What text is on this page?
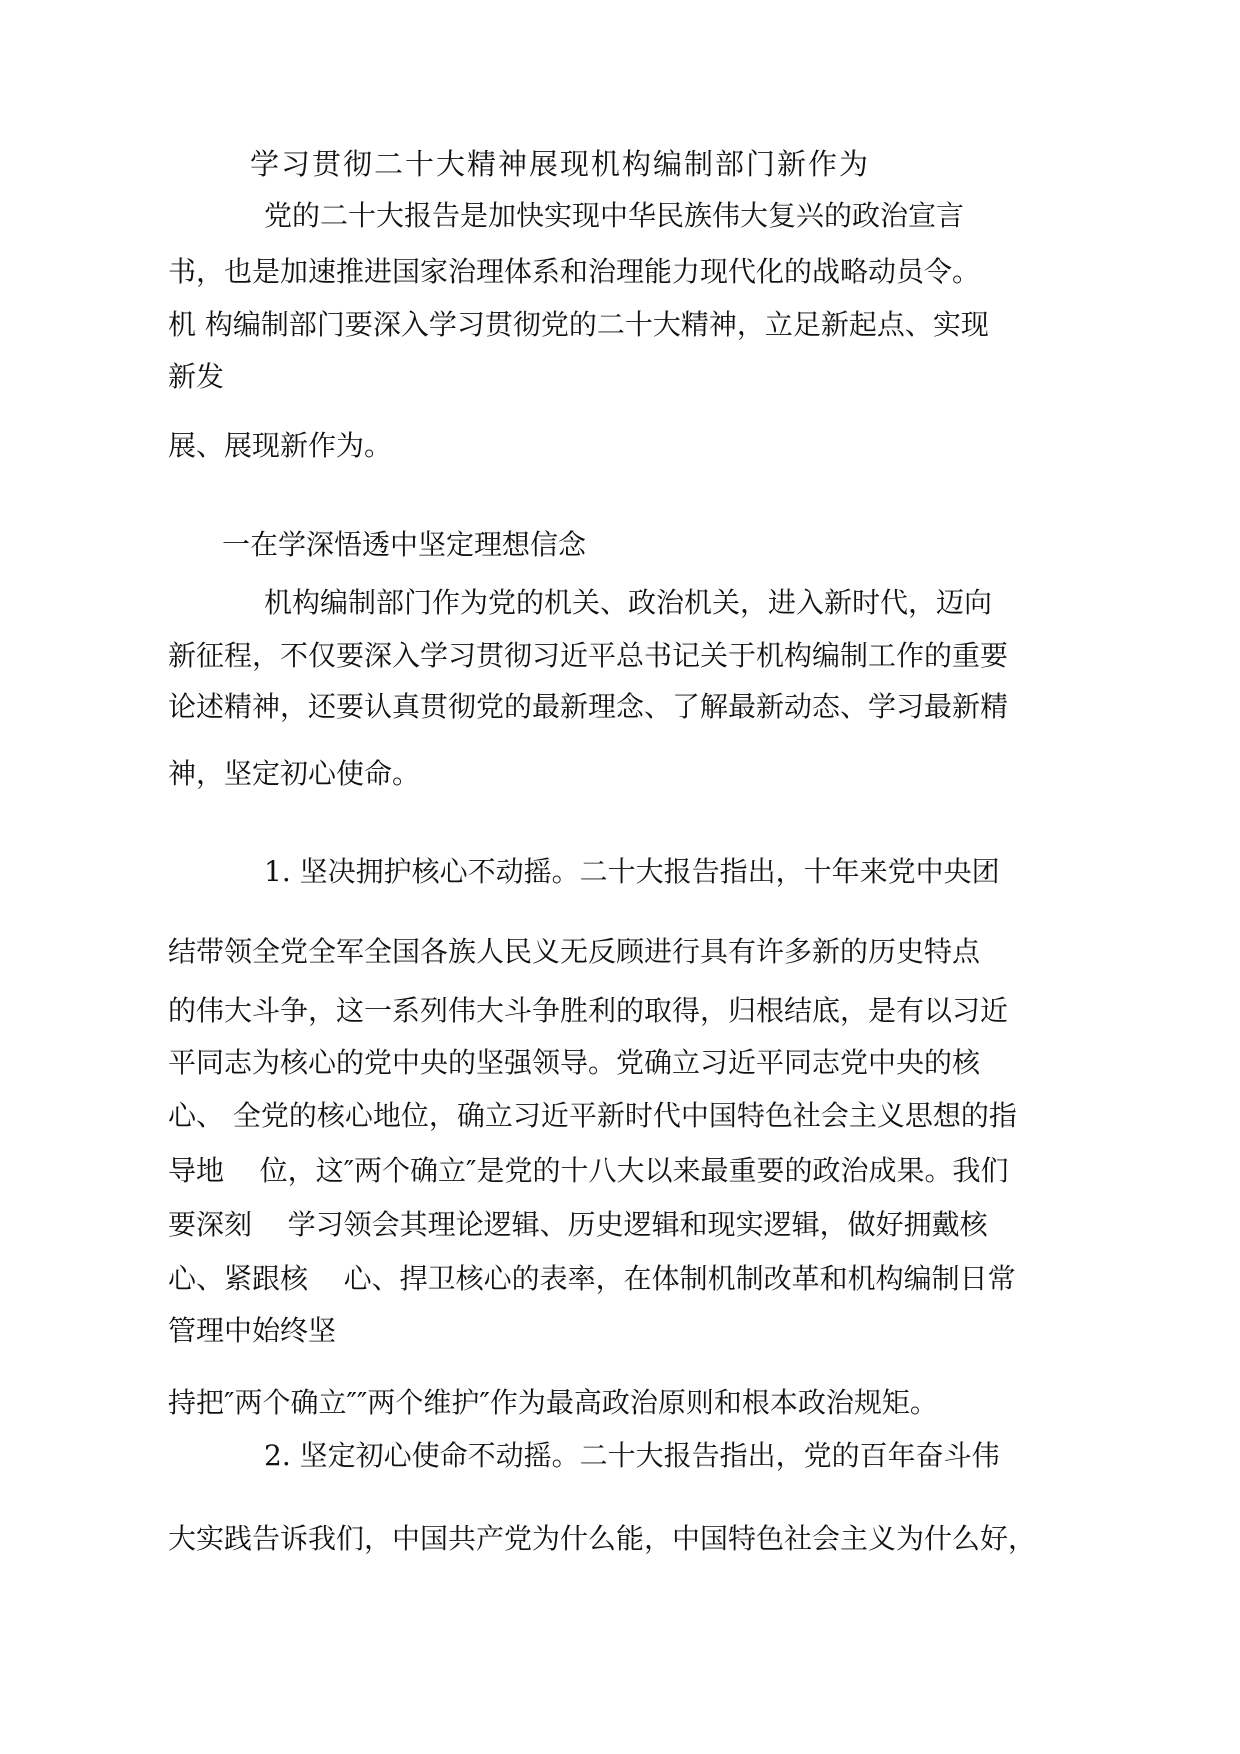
学习贯彻二十大精神展现机构编制部门新作为
党的二十大报告是加快实现中华民族伟大复兴的政治宣言
书，也是加速推进国家治理体系和治理能力现代化的战略动员令。
机 构编制部门要深入学习贯彻党的二十大精神，立足新起点、实现
新发
展、展现新作为。
一在学深悟透中坚定理想信念
机构编制部门作为党的机关、政治机关，进入新时代，迈向
新征程，不仅要深入学习贯彻习近平总书记关于机构编制工作的重要
论述精神，还要认真贯彻党的最新理念、了解最新动态、学习最新精
神，坚定初心使命。
1. 坚决拥护核心不动摇。二十大报告指出，十年来党中央团
结带领全党全军全国各族人民义无反顾进行具有许多新的历史特点
的伟大斗争，这一系列伟大斗争胜利的取得，归根结底，是有以习近
平同志为核心的党中央的坚强领导。党确立习近平同志党中央的核
心、 全党的核心地位，确立习近平新时代中国特色社会主义思想的指
导地    位，这″两个确立″是党的十八大以来最重要的政治成果。我们
要深刻    学习领会其理论逻辑、历史逻辑和现实逻辑，做好拥戴核
心、紧跟核    心、捍卫核心的表率，在体制机制改革和机构编制日常
管理中始终坚
持把″两个确立″″两个维护″作为最高政治原则和根本政治规矩。
2. 坚定初心使命不动摇。二十大报告指出，党的百年奋斗伟
大实践告诉我们，中国共产党为什么能，中国特色社会主义为什么好，
